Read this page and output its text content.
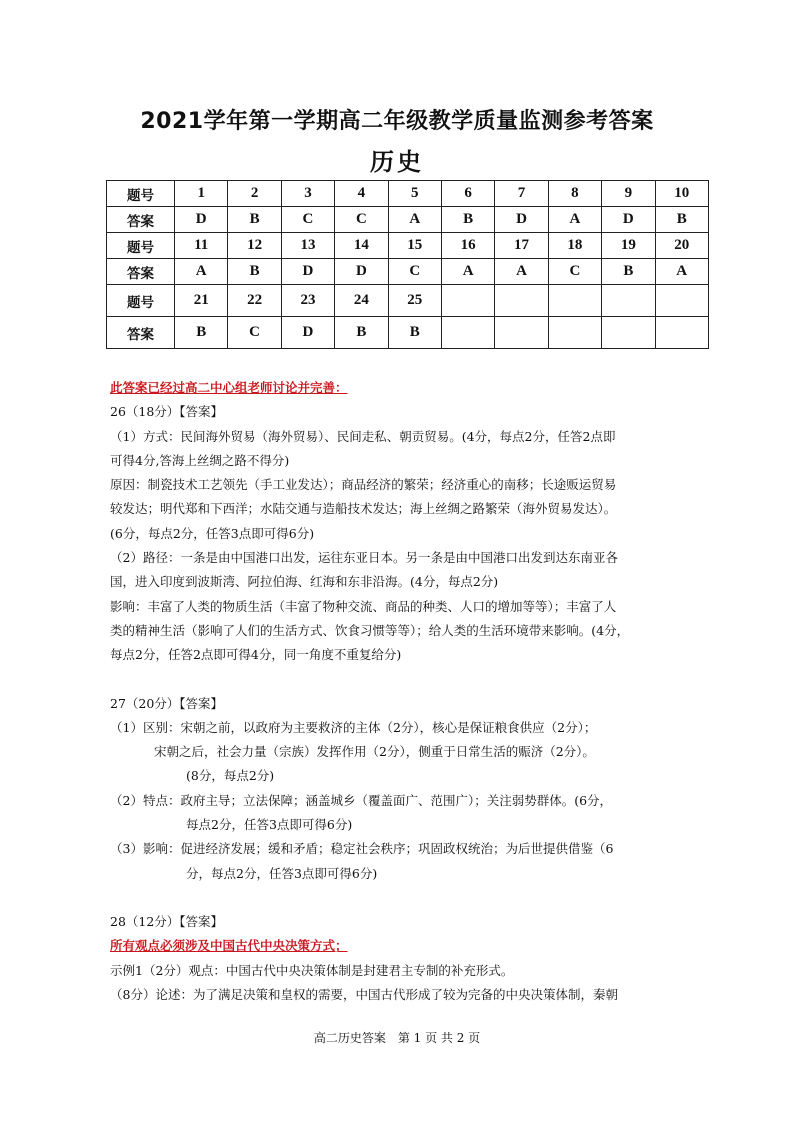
2021学年第一学期高二年级教学质量监测参考答案
历史
题号	1	2	3	4	5	6	7	8	9	10
答案	D	B	C	C	A	B	D	A	D	B
题号	11	12	13	14	15	16	17	18	19	20
答案	A	B	D	D	C	A	A	C	B	A
题号	21	22	23	24	25					
答案	B	C	D	B	B					

此答案已经过高二中心组老师讨论并完善：

26（18分）【答案】

（1）方式：民间海外贸易（海外贸易）、民间走私、朝贡贸易。(4分，每点2分，任答2点即

可得4分,答海上丝绸之路不得分)

原因：制瓷技术工艺领先（手工业发达）；商品经济的繁荣；经济重心的南移；长途贩运贸易

较发达；明代郑和下西洋；水陆交通与造船技术发达；海上丝绸之路繁荣（海外贸易发达）。

(6分，每点2分，任答3点即可得6分)

（2）路径：一条是由中国港口出发，运往东亚日本。另一条是由中国港口出发到达东南亚各

国，进入印度到波斯湾、阿拉伯海、红海和东非沿海。(4分，每点2分)

影响：丰富了人类的物质生活（丰富了物种交流、商品的种类、人口的增加等等）；丰富了人

类的精神生活（影响了人们的生活方式、饮食习惯等等）；给人类的生活环境带来影响。(4分，

每点2分，任答2点即可得4分，同一角度不重复给分)

27（20分）【答案】

（1）区别：宋朝之前，以政府为主要救济的主体（2分），核心是保证粮食供应（2分）；

宋朝之后，社会力量（宗族）发挥作用（2分），侧重于日常生活的赈济（2分）。

(8分，每点2分)

（2）特点：政府主导；立法保障；涵盖城乡（覆盖面广、范围广）；关注弱势群体。(6分，

每点2分，任答3点即可得6分)

（3）影响：促进经济发展；缓和矛盾；稳定社会秩序；巩固政权统治；为后世提供借鉴（6

分，每点2分，任答3点即可得6分)

28（12分）【答案】

所有观点必须涉及中国古代中央决策方式；

示例1（2分）观点：中国古代中央决策体制是封建君主专制的补充形式。

（8分）论述：为了满足决策和皇权的需要，中国古代形成了较为完备的中央决策体制，秦朝

高二历史答案　第 1 页 共 2 页
